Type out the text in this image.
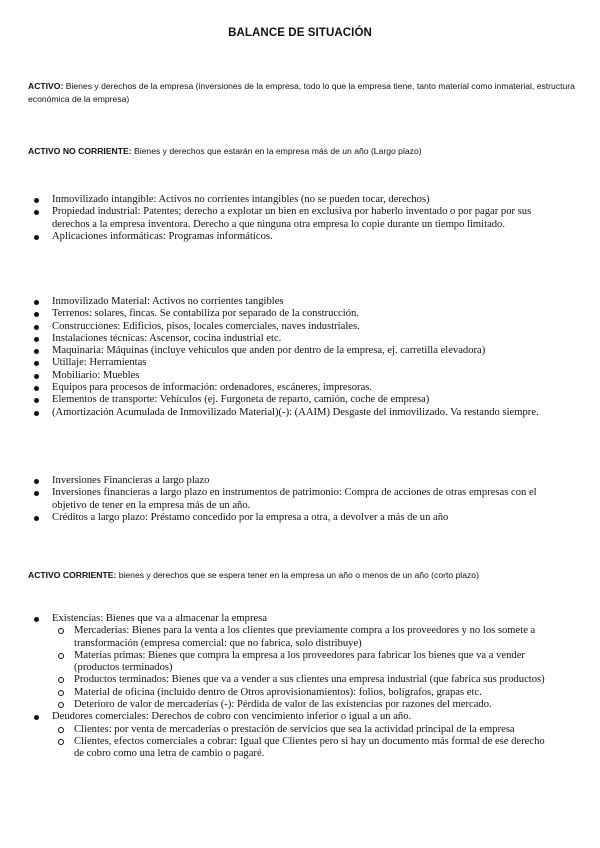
BALANCE DE SITUACIÓN

ACTIVO: Bienes y derechos de la empresa (inversiones de la empresa, todo lo que la empresa tiene, tanto material como inmaterial, estructura económica de la empresa)

ACTIVO NO CORRIENTE: Bienes y derechos que estarán en la empresa más de un año (Largo plazo)

Inmovilizado intangible: Activos no corrientes intangibles (no se pueden tocar, derechos)
Propiedad industrial: Patentes; derecho a explotar un bien en exclusiva por haberlo inventado o por pagar por sus derechos a la empresa inventora. Derecho a que ninguna otra empresa lo copie durante un tiempo limitado.
Aplicaciones informáticas: Programas informáticos.
Inmovilizado Material: Activos no corrientes tangibles
Terrenos: solares, fincas. Se contabiliza por separado de la construcción.
Construcciones: Edificios, pisos, locales comerciales, naves industriales.
Instalaciones técnicas: Ascensor, cocina industrial etc.
Maquinaria: Máquinas (incluye vehículos que anden por dentro de la empresa, ej. carretilla elevadora)
Utillaje: Herramientas
Mobiliario: Muebles
Equipos para procesos de información: ordenadores, escáneres, impresoras.
Elementos de transporte: Vehículos (ej. Furgoneta de reparto, camión, coche de empresa)
(Amortización Acumulada de Inmovilizado Material)(-): (AAIM) Desgaste del inmovilizado. Va restando siempre.
Inversiones Financieras a largo plazo
Inversiones financieras a largo plazo en instrumentos de patrimonio: Compra de acciones de otras empresas con el objetivo de tener en la empresa más de un año.
Créditos a largo plazo: Préstamo concedido por la empresa a otra, a devolver a más de un año

ACTIVO CORRIENTE: bienes y derechos que se espera tener en la empresa un año o menos de un año (corto plazo)

Existencias: Bienes que va a almacenar la empresa
Mercaderías: Bienes para la venta a los clientes que previamente compra a los proveedores y no los somete a transformación (empresa comercial: que no fabrica, solo distribuye)
Materias primas: Bienes que compra la empresa a los proveedores para fabricar los bienes que va a vender (productos terminados)
Productos terminados: Bienes que va a vender a sus clientes una empresa industrial (que fabrica sus productos)
Material de oficina (incluido dentro de Otros aprovisionamientos): folios, bolígrafos, grapas etc.
Deterioro de valor de mercaderías (-): Pérdida de valor de las existencias por razones del mercado.
Deudores comerciales: Derechos de cobro con vencimiento inferior o igual a un año.
Clientes: por venta de mercaderías o prestación de servicios que sea la actividad principal de la empresa
Clientes, efectos comerciales a cobrar: Igual que Clientes pero si hay un documento más formal de ese derecho de cobro como una letra de cambio o pagaré.
